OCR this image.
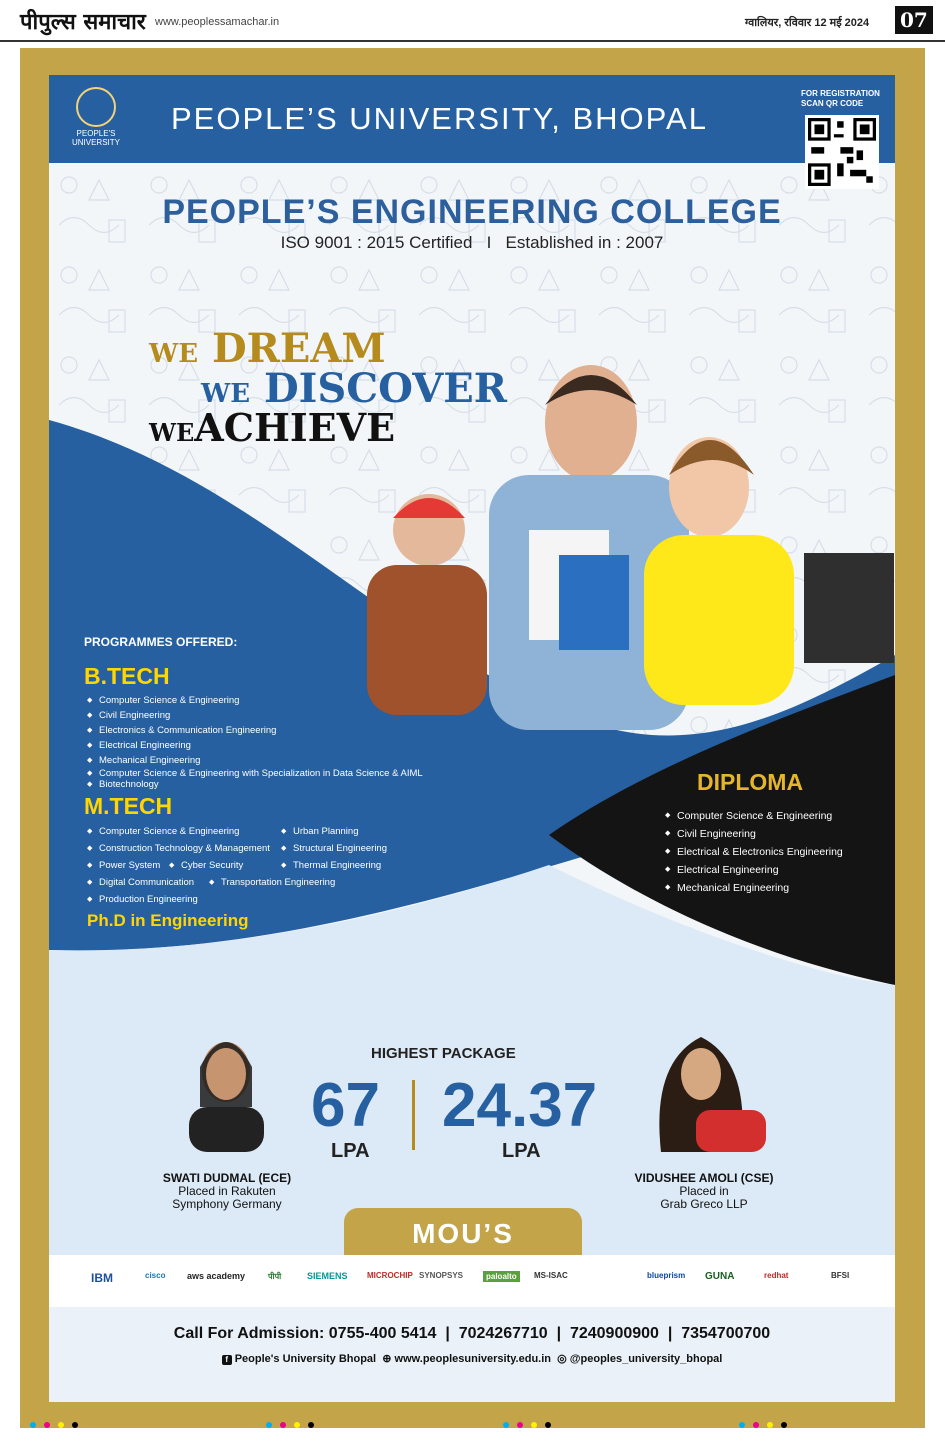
पीपुल्स समाचार www.peoplessamachar.in	ग्वालियर, रविवार 12 मई 2024 07
PEOPLE'S UNIVERSITY
PEOPLE’S UNIVERSITY, BHOPAL
FOR REGISTRATION
SCAN QR CODE
PEOPLE’S ENGINEERING COLLEGE
ISO 9001 : 2015 Certified I Established in : 2007
WE DREAM
WE DISCOVER
WEACHIEVE
PROGRAMMES OFFERED:
B.TECH
◆ Computer Science & Engineering
◆ Civil Engineering
◆ Electronics & Communication Engineering
◆ Electrical Engineering
◆ Mechanical Engineering
◆ Computer Science & Engineering with Specialization in Data Science & AIML
◆ Biotechnology
M.TECH
◆ Computer Science & Engineering
◆ Construction Technology & Management
◆ Power System
◆ Digital Communication
◆ Production Engineering
◆ Urban Planning
◆ Structural Engineering
◆ Cyber Security
◆	Thermal Engineering
◆ Transportation Engineering
Ph.D in Engineering
DIPLOMA
◆ Computer Science & Engineering
◆ Civil Engineering
◆ Electrical & Electronics Engineering
◆ Electrical Engineering
◆ Mechanical Engineering
SWATI DUDMAL (ECE)
Placed in Rakuten
Symphony Germany
HIGHEST PACKAGE
67 24.37
LPA	LPA
VIDUSHEE AMOLI (CSE)
Placed in
Grab Greco LLP
MOU’S
IBM	cisco aws academy	पीपी	SIEMENS MICROCHIP SYNOPSYS	paloalto	MS-ISAC	blueprism GUNA	redhat	BFSI
Call For Admission: 0755-400 5414  |  7024267710  |  7240900900  |  7354700700
f People's University Bhopal ⊕ www.peoplesuniversity.edu.in ◎ @peoples_university_bhopal
